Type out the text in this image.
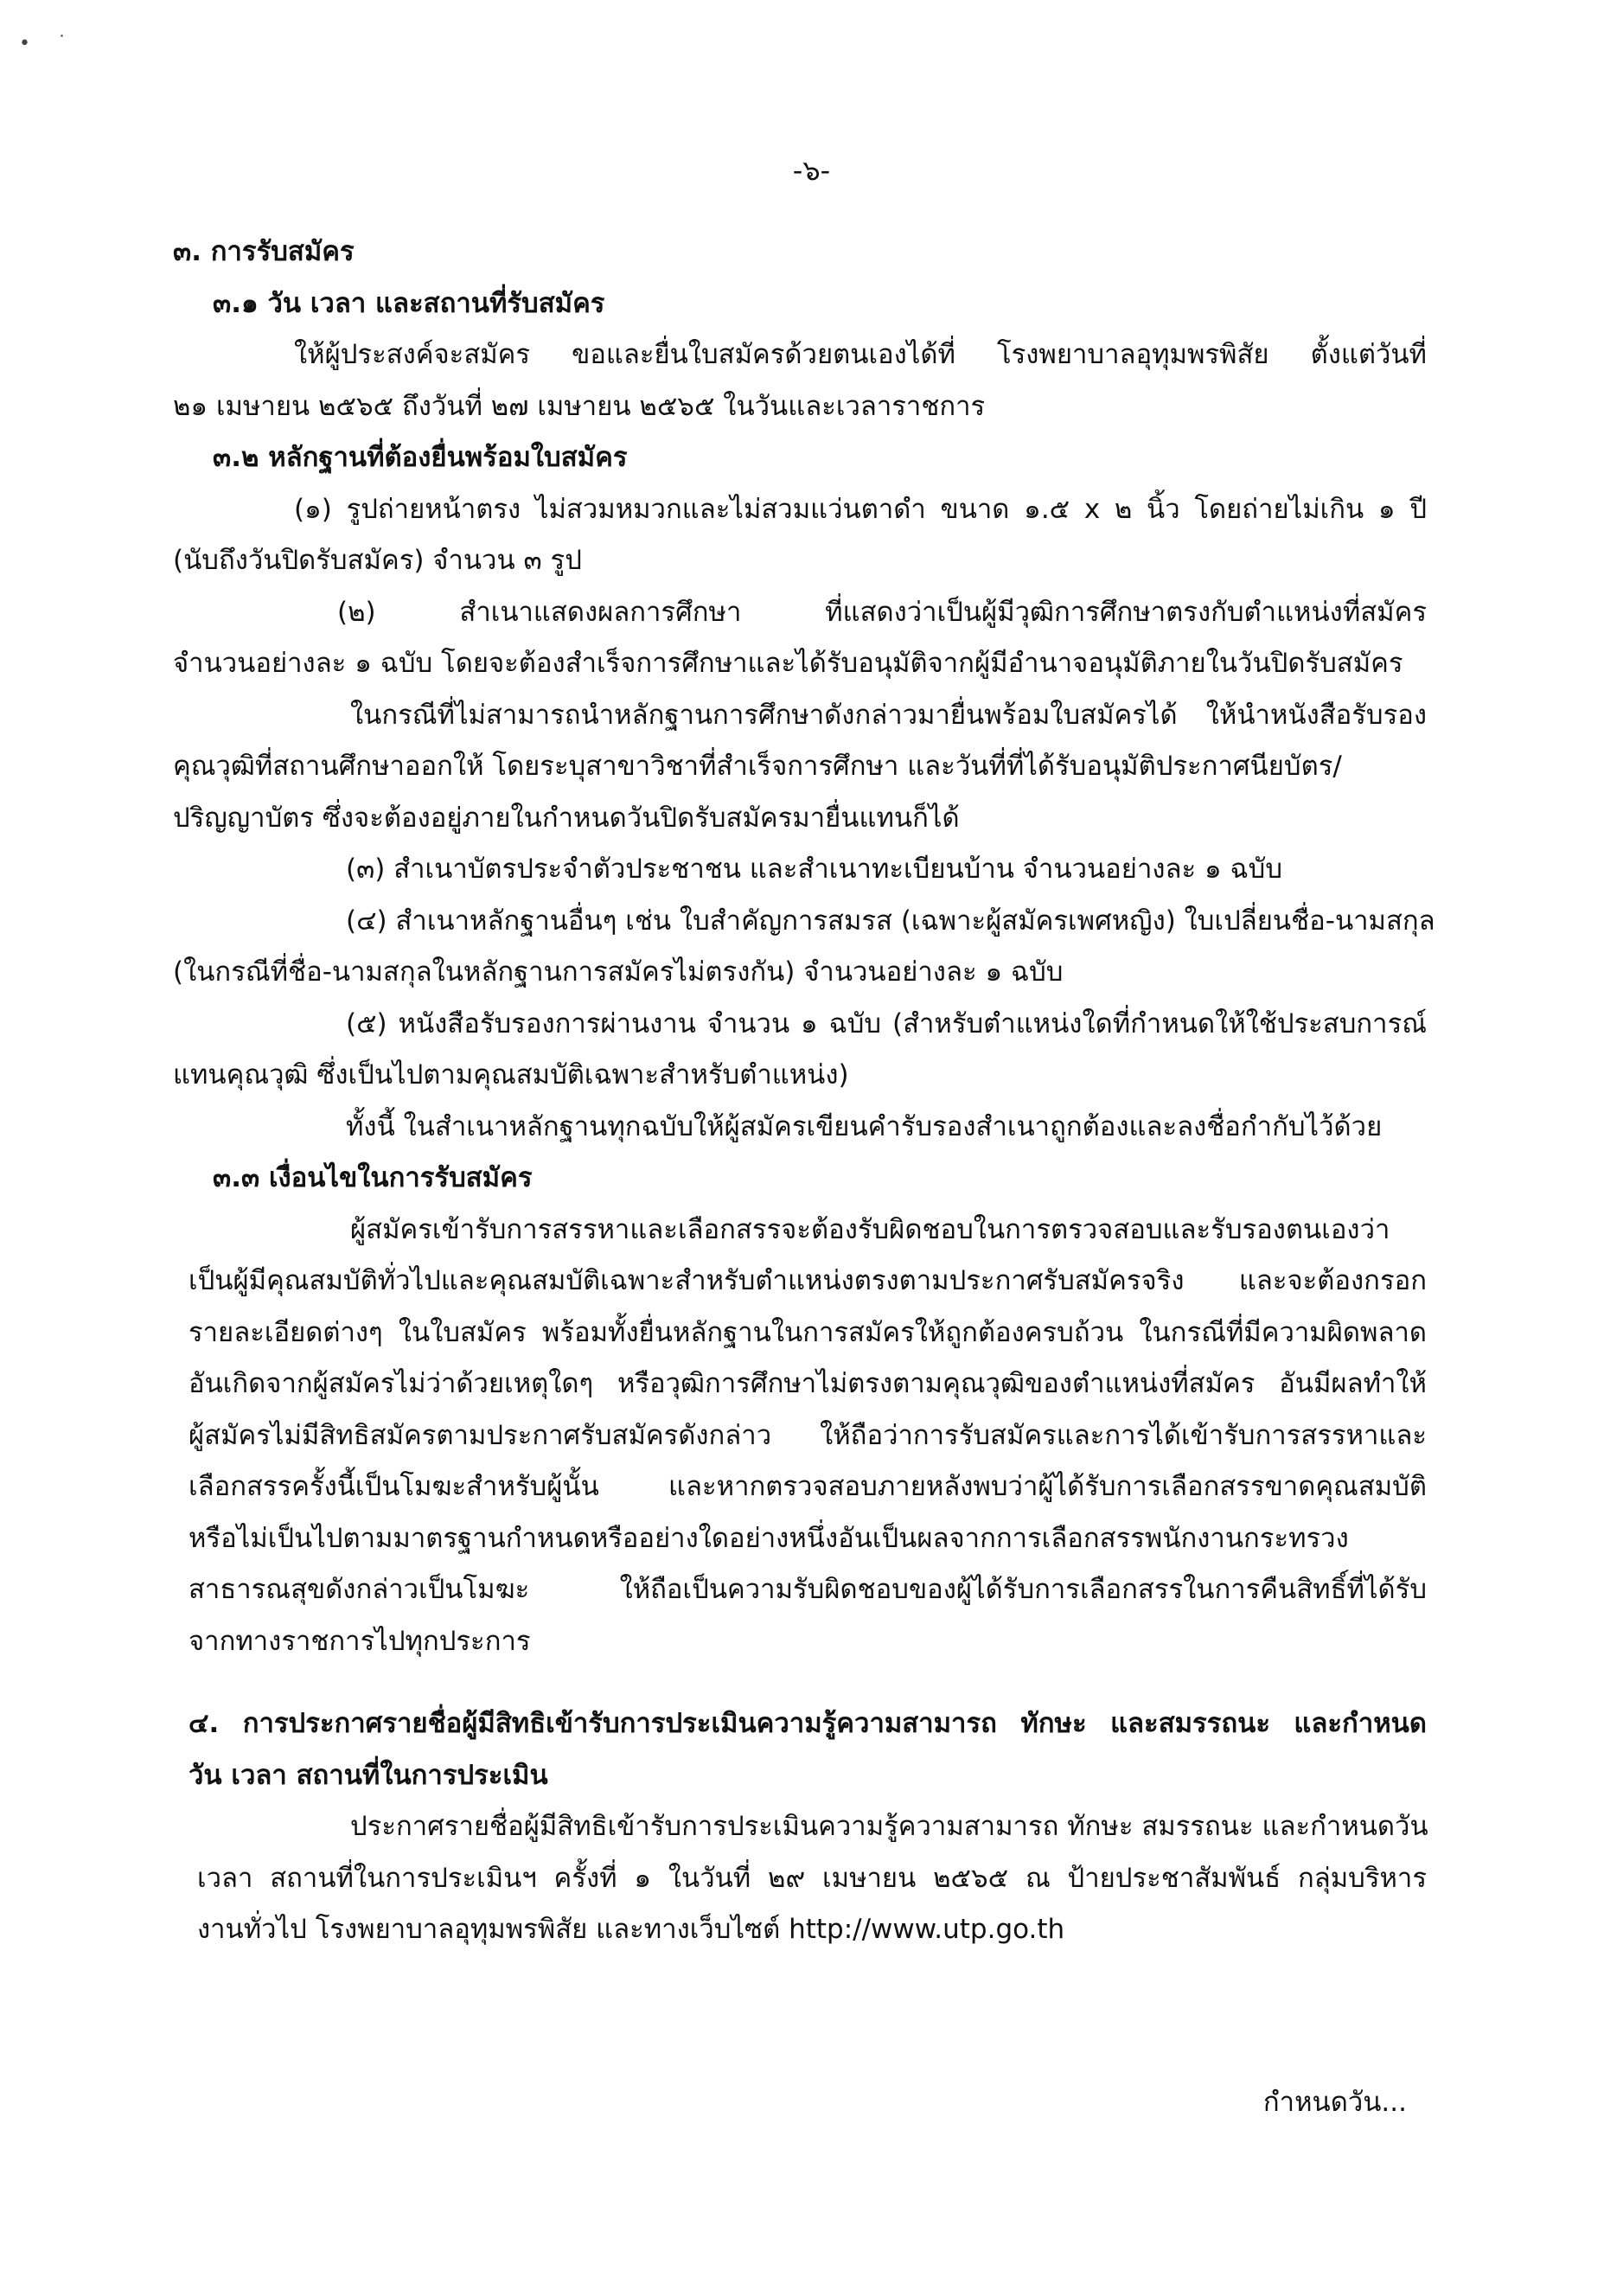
• ˙
-๖-
๓. การรับสมัคร
๓.๑ วัน เวลา และสถานที่รับสมัคร
ให้ผู้ประสงค์จะสมัคร ขอและยื่นใบสมัครด้วยตนเองได้ที่ โรงพยาบาลอุทุมพรพิสัย ตั้งแต่วันที่
๒๑ เมษายน ๒๕๖๕ ถึงวันที่ ๒๗ เมษายน ๒๕๖๕ ในวันและเวลาราชการ
๓.๒ หลักฐานที่ต้องยื่นพร้อมใบสมัคร
(๑) รูปถ่ายหน้าตรง ไม่สวมหมวกและไม่สวมแว่นตาดำ ขนาด ๑.๕ x ๒ นิ้ว โดยถ่ายไม่เกิน ๑ ปี
(นับถึงวันปิดรับสมัคร) จำนวน ๓ รูป
(๒) สำเนาแสดงผลการศึกษา ที่แสดงว่าเป็นผู้มีวุฒิการศึกษาตรงกับตำแหน่งที่สมัคร
จำนวนอย่างละ ๑ ฉบับ โดยจะต้องสำเร็จการศึกษาและได้รับอนุมัติจากผู้มีอำนาจอนุมัติภายในวันปิดรับสมัคร
ในกรณีที่ไม่สามารถนำหลักฐานการศึกษาดังกล่าวมายื่นพร้อมใบสมัครได้ ให้นำหนังสือรับรอง
คุณวุฒิที่สถานศึกษาออกให้ โดยระบุสาขาวิชาที่สำเร็จการศึกษา และวันที่ที่ได้รับอนุมัติประกาศนียบัตร/
ปริญญาบัตร ซึ่งจะต้องอยู่ภายในกำหนดวันปิดรับสมัครมายื่นแทนก็ได้
(๓) สำเนาบัตรประจำตัวประชาชน และสำเนาทะเบียนบ้าน จำนวนอย่างละ ๑ ฉบับ
(๔) สำเนาหลักฐานอื่นๆ เช่น ใบสำคัญการสมรส (เฉพาะผู้สมัครเพศหญิง) ใบเปลี่ยนชื่อ-นามสกุล
(ในกรณีที่ชื่อ-นามสกุลในหลักฐานการสมัครไม่ตรงกัน) จำนวนอย่างละ ๑ ฉบับ
(๕) หนังสือรับรองการผ่านงาน จำนวน ๑ ฉบับ (สำหรับตำแหน่งใดที่กำหนดให้ใช้ประสบการณ์
แทนคุณวุฒิ ซึ่งเป็นไปตามคุณสมบัติเฉพาะสำหรับตำแหน่ง)
ทั้งนี้ ในสำเนาหลักฐานทุกฉบับให้ผู้สมัครเขียนคำรับรองสำเนาถูกต้องและลงชื่อกำกับไว้ด้วย
๓.๓ เงื่อนไขในการรับสมัคร
ผู้สมัครเข้ารับการสรรหาและเลือกสรรจะต้องรับผิดชอบในการตรวจสอบและรับรองตนเองว่า
เป็นผู้มีคุณสมบัติทั่วไปและคุณสมบัติเฉพาะสำหรับตำแหน่งตรงตามประกาศรับสมัครจริง และจะต้องกรอก
รายละเอียดต่างๆ ในใบสมัคร พร้อมทั้งยื่นหลักฐานในการสมัครให้ถูกต้องครบถ้วน ในกรณีที่มีความผิดพลาด
อันเกิดจากผู้สมัครไม่ว่าด้วยเหตุใดๆ หรือวุฒิการศึกษาไม่ตรงตามคุณวุฒิของตำแหน่งที่สมัคร อันมีผลทำให้
ผู้สมัครไม่มีสิทธิสมัครตามประกาศรับสมัครดังกล่าว ให้ถือว่าการรับสมัครและการได้เข้ารับการสรรหาและ
เลือกสรรครั้งนี้เป็นโมฆะสำหรับผู้นั้น และหากตรวจสอบภายหลังพบว่าผู้ได้รับการเลือกสรรขาดคุณสมบัติ
หรือไม่เป็นไปตามมาตรฐานกำหนดหรืออย่างใดอย่างหนึ่งอันเป็นผลจากการเลือกสรรพนักงานกระทรวง
สาธารณสุขดังกล่าวเป็นโมฆะ ให้ถือเป็นความรับผิดชอบของผู้ได้รับการเลือกสรรในการคืนสิทธิ์ที่ได้รับ
จากทางราชการไปทุกประการ
๔. การประกาศรายชื่อผู้มีสิทธิเข้ารับการประเมินความรู้ความสามารถ ทักษะ และสมรรถนะ และกำหนด
วัน เวลา สถานที่ในการประเมิน
ประกาศรายชื่อผู้มีสิทธิเข้ารับการประเมินความรู้ความสามารถ ทักษะ สมรรถนะ และกำหนดวัน
เวลา สถานที่ในการประเมินฯ ครั้งที่ ๑ ในวันที่ ๒๙ เมษายน ๒๕๖๕ ณ ป้ายประชาสัมพันธ์ กลุ่มบริหาร
งานทั่วไป โรงพยาบาลอุทุมพรพิสัย และทางเว็บไซต์ http://www.utp.go.th
กำหนดวัน...
